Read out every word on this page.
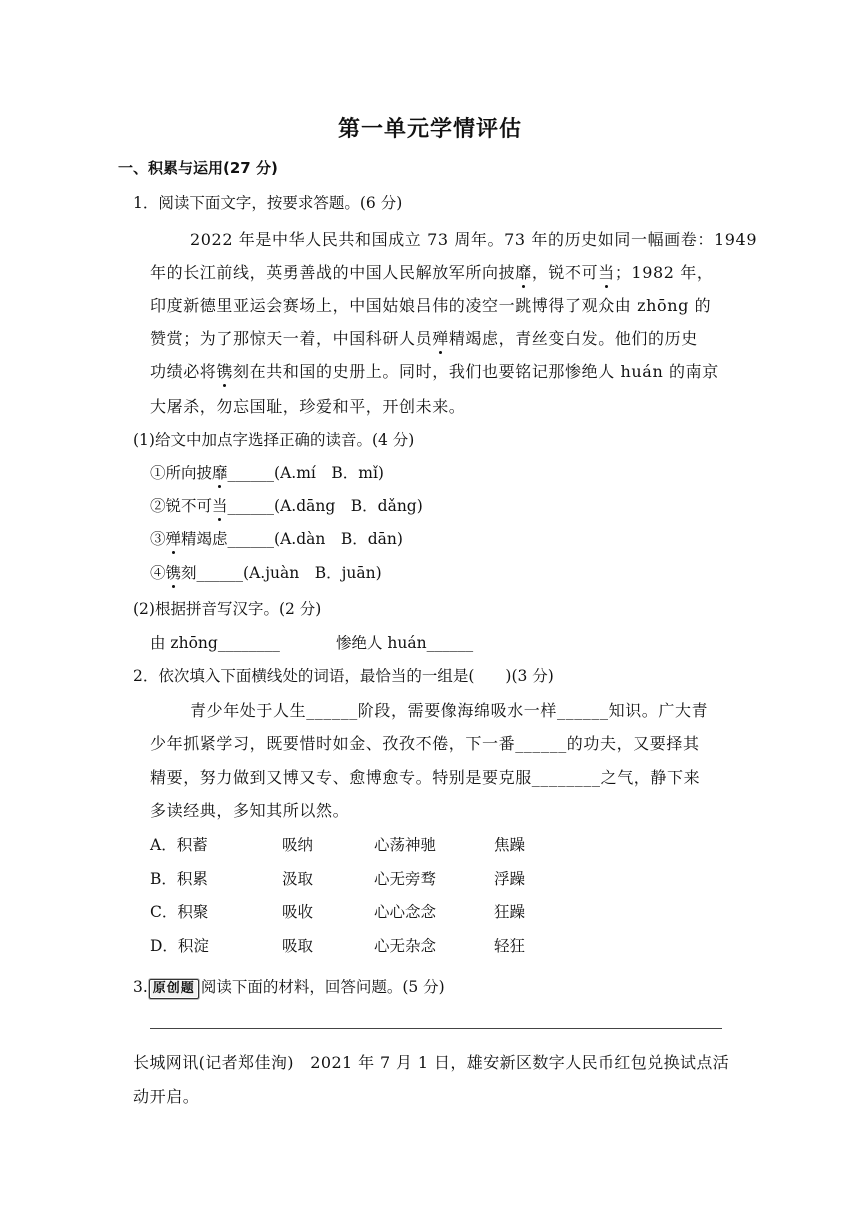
第一单元学情评估
一、积累与运用(27 分)
1．阅读下面文字，按要求答题。(6 分)
2022 年是中华人民共和国成立 73 周年。73 年的历史如同一幅画卷：1949
年的长江前线，英勇善战的中国人民解放军所向披靡，锐不可当；1982 年，
印度新德里亚运会赛场上，中国姑娘吕伟的凌空一跳博得了观众由 zhōng 的
赞赏；为了那惊天一着，中国科研人员殚精竭虑，青丝变白发。他们的历史
功绩必将镌刻在共和国的史册上。同时，我们也要铭记那惨绝人 huán 的南京
大屠杀，勿忘国耻，珍爱和平，开创未来。
(1)给文中加点字选择正确的读音。(4 分)
①所向披靡______(A.mí　B．mǐ)
②锐不可当______(A.dāng　B．dǎng)
③殚精竭虑______(A.dàn　B．dān)
④镌刻______(A.juàn　B．juān)
(2)根据拼音写汉字。(2 分)
由 zhōng________	惨绝人 huán______
2．依次填入下面横线处的词语，最恰当的一组是(　　)(3 分)
青少年处于人生______阶段，需要像海绵吸水一样______知识。广大青
少年抓紧学习，既要惜时如金、孜孜不倦，下一番______的功夫，又要择其
精要，努力做到又博又专、愈博愈专。特别是要克服________之气，静下来
多读经典，多知其所以然。
A．积蓄	吸纳	心荡神驰	焦躁
B．积累	汲取	心无旁骛	浮躁
C．积聚	吸收	心心念念	狂躁
D．积淀	吸取	心无杂念	轻狂
3. 原创题 阅读下面的材料，回答问题。(5 分)
长城网讯(记者郑佳洵)　2021 年 7 月 1 日，雄安新区数字人民币红包兑换试点活
动开启。
